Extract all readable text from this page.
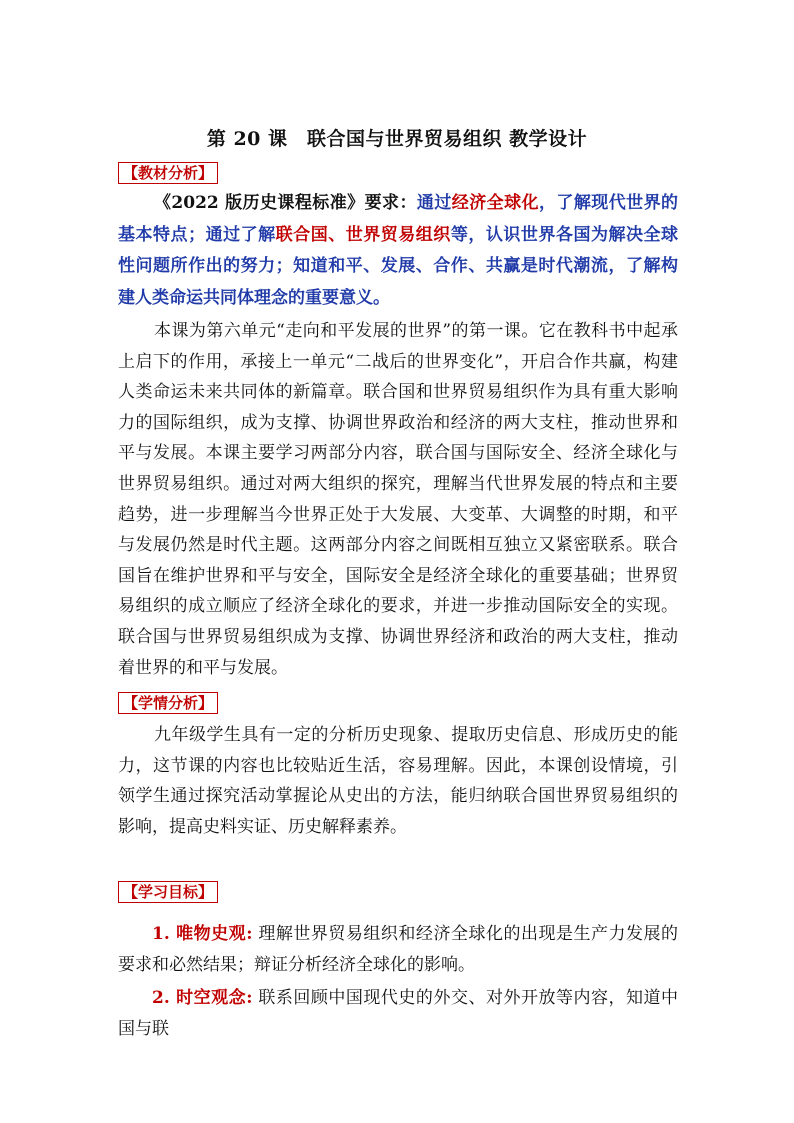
第 20 课　联合国与世界贸易组织 教学设计
【教材分析】

《2022 版历史课程标准》要求：通过经济全球化，了解现代世界的基本特点；通过了解联合国、世界贸易组织等，认识世界各国为解决全球性问题所作出的努力；知道和平、发展、合作、共赢是时代潮流，了解构建人类命运共同体理念的重要意义。

本课为第六单元“走向和平发展的世界”的第一课。它在教科书中起承上启下的作用，承接上一单元“二战后的世界变化”，开启合作共赢，构建人类命运未来共同体的新篇章。联合国和世界贸易组织作为具有重大影响力的国际组织，成为支撑、协调世界政治和经济的两大支柱，推动世界和平与发展。本课主要学习两部分内容，联合国与国际安全、经济全球化与世界贸易组织。通过对两大组织的探究，理解当代世界发展的特点和主要趋势，进一步理解当今世界正处于大发展、大变革、大调整的时期，和平与发展仍然是时代主题。这两部分内容之间既相互独立又紧密联系。联合国旨在维护世界和平与安全，国际安全是经济全球化的重要基础；世界贸易组织的成立顺应了经济全球化的要求，并进一步推动国际安全的实现。联合国与世界贸易组织成为支撑、协调世界经济和政治的两大支柱，推动着世界的和平与发展。

【学情分析】

九年级学生具有一定的分析历史现象、提取历史信息、形成历史的能力，这节课的内容也比较贴近生活，容易理解。因此，本课创设情境，引领学生通过探究活动掌握论从史出的方法，能归纳联合国世界贸易组织的影响，提高史料实证、历史解释素养。

【学习目标】

1. 唯物史观: 理解世界贸易组织和经济全球化的出现是生产力发展的要求和必然结果；辩证分析经济全球化的影响。

2. 时空观念: 联系回顾中国现代史的外交、对外开放等内容，知道中国与联
